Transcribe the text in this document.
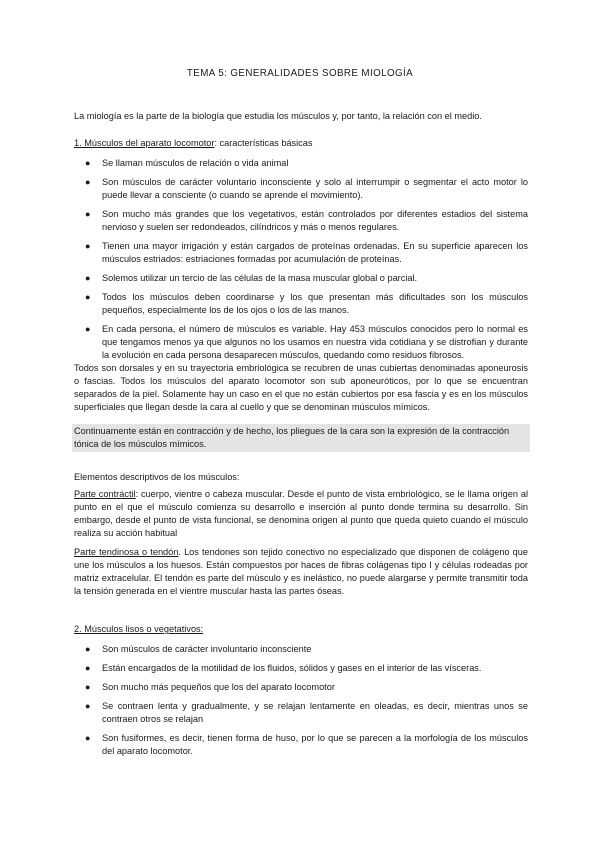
TEMA 5: GENERALIDADES SOBRE MIOLOGÍA
La miología es la parte de la biología que estudia los músculos y, por tanto, la relación con el medio.
1. Músculos del aparato locomotor: características básicas
● Se llaman músculos de relación o vida animal
● Son músculos de carácter voluntario inconsciente y solo al interrumpir o segmentar el acto motor lo puede llevar a consciente (o cuando se aprende el movimiento).
● Son mucho más grandes que los vegetativos, están controlados por diferentes estadios del sistema nervioso y suelen ser redondeados, cilíndricos y más o menos regulares.
● Tienen una mayor irrigación y están cargados de proteínas ordenadas. En su superficie aparecen los músculos estriados: estriaciones formadas por acumulación de proteínas.
● Solemos utilizar un tercio de las células de la masa muscular global o parcial.
● Todos los músculos deben coordinarse y los que presentan más dificultades son los músculos pequeños, especialmente los de los ojos o los de las manos.
● En cada persona, el número de músculos es variable. Hay 453 músculos conocidos pero lo normal es que tengamos menos ya que algunos no los usamos en nuestra vida cotidiana y se distrofian y durante la evolución en cada persona desaparecen músculos, quedando como residuos fibrosos.
Todos son dorsales y en su trayectoria embriológica se recubren de unas cubiertas denominadas aponeurosis o fascias. Todos los músculos del aparato locomotor son sub aponeuróticos, por lo que se encuentran separados de la piel. Solamente hay un caso en el que no están cubiertos por esa fascia y es en los músculos superficiales que llegan desde la cara al cuello y que se denominan músculos mímicos.
Continuamente están en contracción y de hecho, los pliegues de la cara son la expresión de la contracción tónica de los músculos mímicos.
Elementos descriptivos de los músculos:
Parte contráctil: cuerpo, vientre o cabeza muscular. Desde el punto de vista embriológico, se le llama origen al punto en el que el músculo comienza su desarrollo e inserción al punto donde termina su desarrollo. Sin embargo, desde el punto de vista funcional, se denomina origen al punto que queda quieto cuando el músculo realiza su acción habitual
Parte tendinosa o tendón. Los tendones son tejido conectivo no especializado que disponen de colágeno que une los músculos a los huesos. Están compuestos por haces de fibras colágenas tipo I y células rodeadas por matriz extracelular. El tendón es parte del músculo y es inelástico, no puede alargarse y permite transmitir toda la tensión generada en el vientre muscular hasta las partes óseas.
2. Músculos lisos o vegetativos:
● Son músculos de carácter involuntario inconsciente
● Están encargados de la motilidad de los fluidos, sólidos y gases en el interior de las vísceras.
● Son mucho más pequeños que los del aparato locomotor
● Se contraen lenta y gradualmente, y se relajan lentamente en oleadas, es decir, mientras unos se contraen otros se relajan
● Son fusiformes, es decir, tienen forma de huso, por lo que se parecen a la morfología de los músculos del aparato locomotor.
